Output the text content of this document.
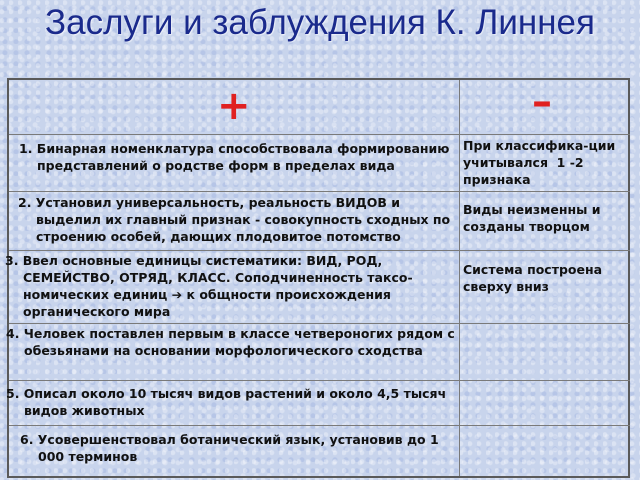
Заслуги и заблуждения К. Линнея
+	–

1. Бинарная номенклатура способствовала формированию представлений о родстве форм в пределах вида

2. Установил универсальность, реальность ВИДОВ и выделил их главный признак - совокупность сходных по строению особей, дающих плодовитое потомство

3. Ввел основные единицы систематики: ВИД, РОД, СЕМЕЙСТВО, ОТРЯД, КЛАСС. Соподчиненность таксо-номических единиц ➔ к общности происхождения органического мира

4. Человек поставлен первым в классе четвероногих рядом с обезьянами на основании морфологического сходства

5. Описал около 10 тысяч видов растений и около 4,5 тысяч видов животных

6. Усовершенствовал ботанический язык, установив до 1 000 терминов

При классифика-ции учитывался  1 -2 признака

Виды неизменны и созданы творцом

Система построена сверху вниз
